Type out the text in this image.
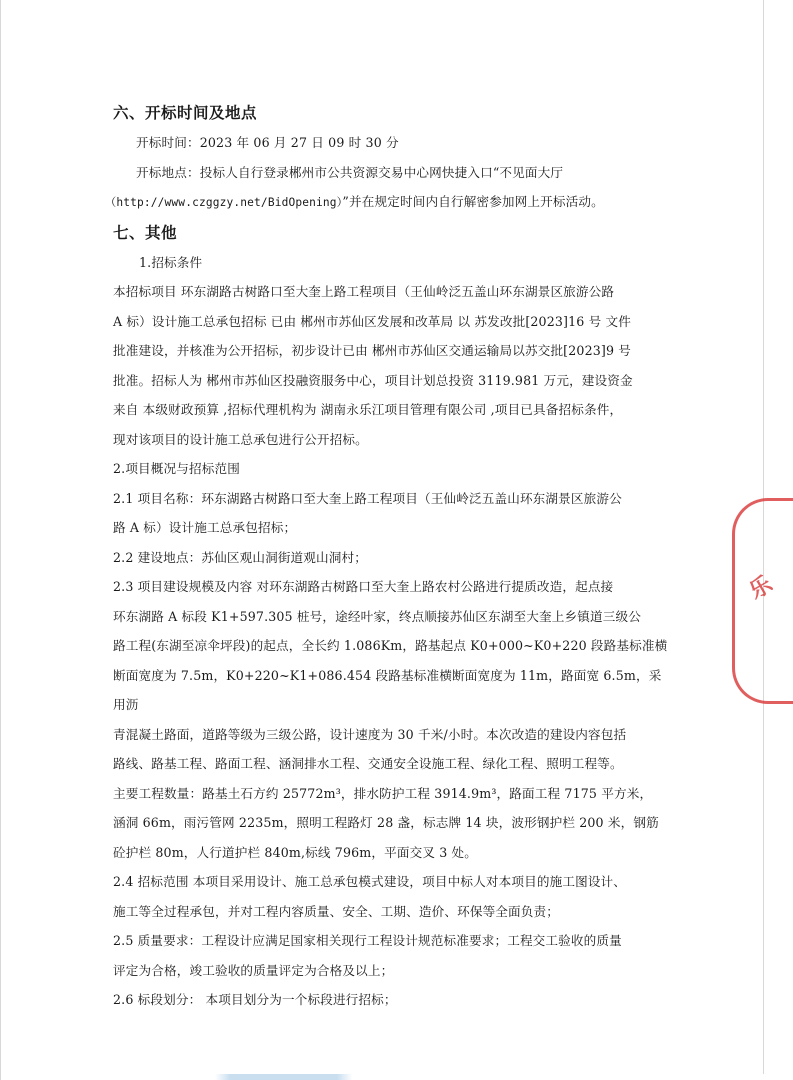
六、开标时间及地点

开标时间：2023 年 06 月 27 日 09 时 30 分

开标地点：投标人自行登录郴州市公共资源交易中心网快捷入口“不见面大厅

（http://www.czggzy.net/BidOpening）”并在规定时间内自行解密参加网上开标活动。

七、其他

1.招标条件

本招标项目 环东湖路古树路口至大奎上路工程项目（王仙岭泛五盖山环东湖景区旅游公路

A 标）设计施工总承包招标 已由 郴州市苏仙区发展和改革局 以 苏发改批[2023]16 号 文件

批准建设，并核准为公开招标，初步设计已由 郴州市苏仙区交通运输局以苏交批[2023]9 号

批准。招标人为 郴州市苏仙区投融资服务中心，项目计划总投资 3119.981 万元，建设资金

来自 本级财政预算 ,招标代理机构为 湖南永乐江项目管理有限公司 ,项目已具备招标条件，

现对该项目的设计施工总承包进行公开招标。

2.项目概况与招标范围

2.1 项目名称：环东湖路古树路口至大奎上路工程项目（王仙岭泛五盖山环东湖景区旅游公

路 A 标）设计施工总承包招标；

2.2 建设地点：苏仙区观山洞街道观山洞村；

2.3 项目建设规模及内容 对环东湖路古树路口至大奎上路农村公路进行提质改造，起点接

环东湖路 A 标段 K1+597.305 桩号，途经叶家，终点顺接苏仙区东湖至大奎上乡镇道三级公

路工程(东湖至凉伞坪段)的起点，全长约 1.086Km，路基起点 K0+000~K0+220 段路基标准横

断面宽度为 7.5m，K0+220~K1+086.454 段路基标准横断面宽度为 11m，路面宽 6.5m，采用沥

青混凝土路面，道路等级为三级公路，设计速度为 30 千米/小时。本次改造的建设内容包括

路线、路基工程、路面工程、涵洞排水工程、交通安全设施工程、绿化工程、照明工程等。

主要工程数量：路基土石方约 25772m³，排水防护工程 3914.9m³，路面工程 7175 平方米，

涵洞 66m，雨污管网 2235m，照明工程路灯 28 盏，标志牌 14 块，波形钢护栏 200 米，钢筋

砼护栏 80m，人行道护栏 840m,标线 796m，平面交叉 3 处。

2.4 招标范围 本项目采用设计、施工总承包模式建设，项目中标人对本项目的施工图设计、

施工等全过程承包，并对工程内容质量、安全、工期、造价、环保等全面负责；

2.5 质量要求：工程设计应满足国家相关现行工程设计规范标准要求；工程交工验收的质量

评定为合格，竣工验收的质量评定为合格及以上；

2.6 标段划分： 本项目划分为一个标段进行招标；

乐
